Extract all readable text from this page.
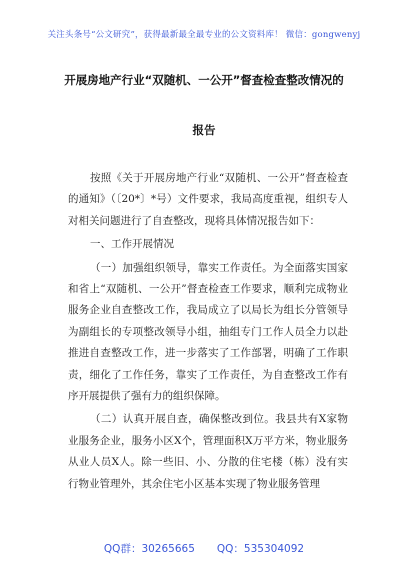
关注头条号“公文研究”，获得最新最全最专业的公文资料库！ 微信：gongwenyj
开展房地产行业“双随机、一公开”督查检查整改情况的
报告

按照《关于开展房地产行业“双随机、一公开”督查检查的通知》（〔20*〕*号）文件要求，我局高度重视，组织专人对相关问题进行了自查整改，现将具体情况报告如下：

一、工作开展情况

（一）加强组织领导，靠实工作责任。为全面落实国家和省上“双随机、一公开”督查检查工作要求，顺利完成物业服务企业自查整改工作，我局成立了以局长为组长分管领导为副组长的专项整改领导小组，抽组专门工作人员全力以赴推进自查整改工作，进一步落实了工作部署，明确了工作职责，细化了工作任务，靠实了工作责任，为自查整改工作有序开展提供了强有力的组织保障。

（二）认真开展自查，确保整改到位。我县共有X家物业服务企业，服务小区X个，管理面积X万平方米，物业服务从业人员X人。除一些旧、小、分散的住宅楼（栋）没有实行物业管理外，其余住宅小区基本实现了物业服务管理

QQ群：30265665 QQ：535304092
